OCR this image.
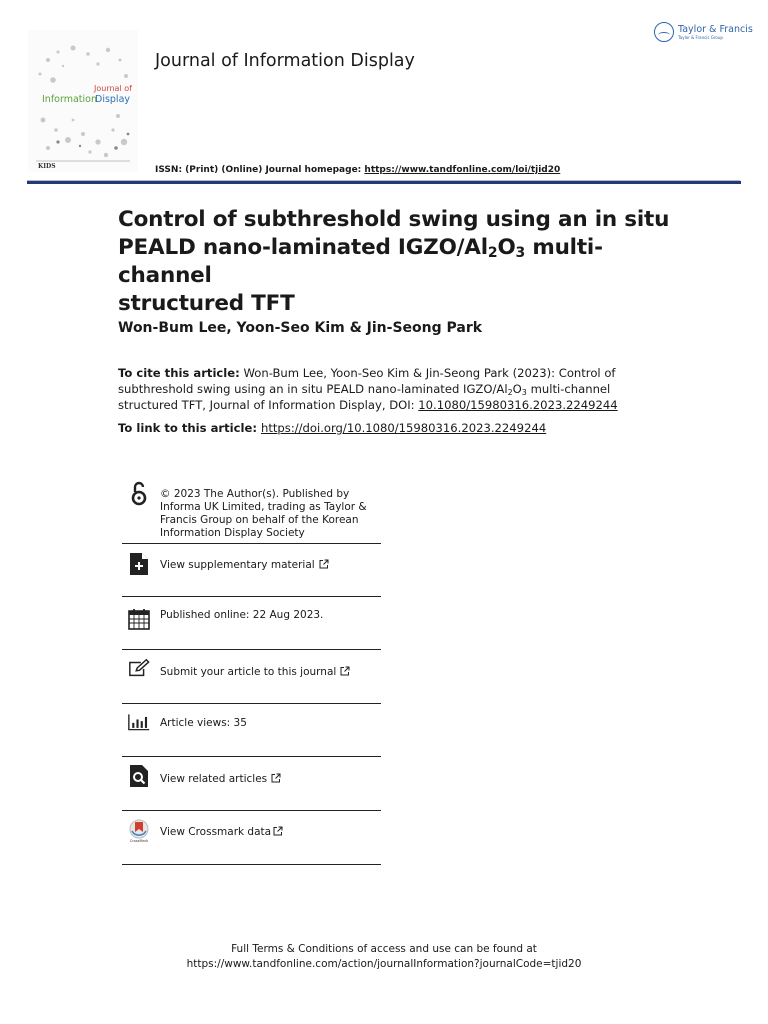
Journal of
Information
Display
KIDS
Journal of Information Display
Taylor & Francis
Taylor & Francis Group
ISSN: (Print) (Online) Journal homepage: https://www.tandfonline.com/loi/tjid20
Control of subthreshold swing using an in situ
PEALD nano-laminated IGZO/$Al_2O_3$ multi-channel
structured TFT
Won-Bum Lee, Yoon-Seo Kim & Jin-Seong Park
To cite this article: Won-Bum Lee, Yoon-Seo Kim & Jin-Seong Park (2023): Control of subthreshold swing using an in situ PEALD nano-laminated IGZO/$Al_2O_3$ multi-channel structured TFT, Journal of Information Display, DOI: 10.1080/15980316.2023.2249244
To link to this article: https://doi.org/10.1080/15980316.2023.2249244
© 2023 The Author(s). Published by Informa UK Limited, trading as Taylor & Francis Group on behalf of the Korean Information Display Society
View supplementary material
Published online: 22 Aug 2023.
Submit your article to this journal
Article views: 35
View related articles
CrossMark
View Crossmark data
Full Terms & Conditions of access and use can be found at
https://www.tandfonline.com/action/journalInformation?journalCode=tjid20
